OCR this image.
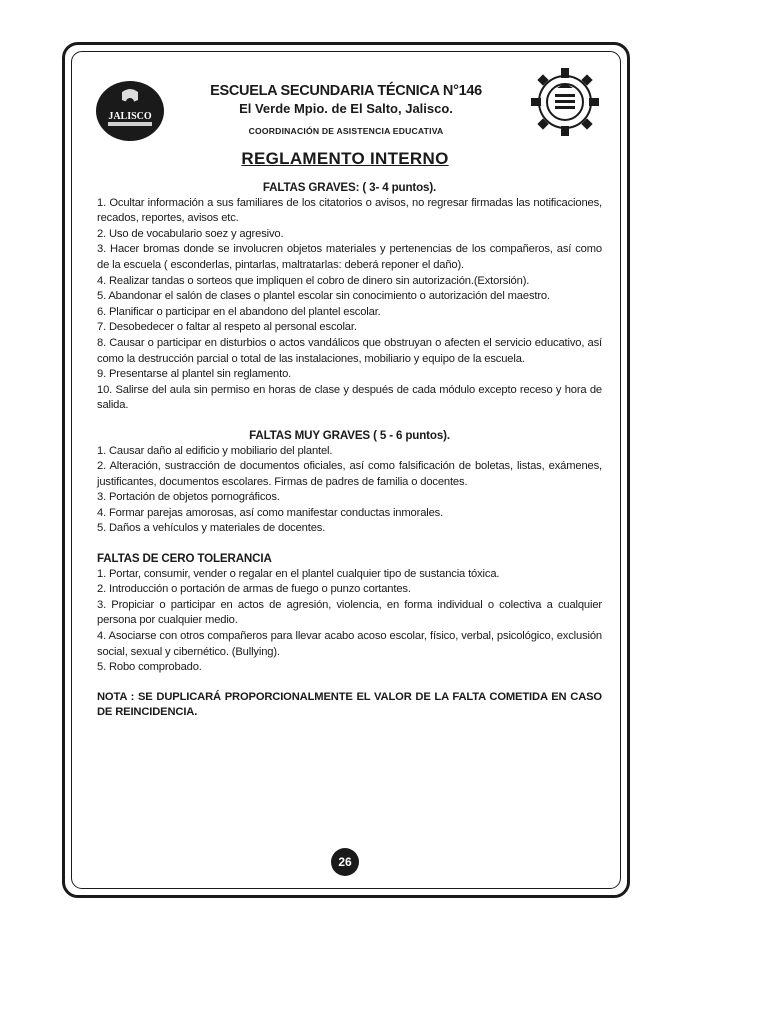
JALISCO
ESCUELA SECUNDARIA TÉCNICA N°146
El Verde Mpio. de El Salto, Jalisco.
COORDINACIÓN DE ASISTENCIA EDUCATIVA
REGLAMENTO INTERNO
FALTAS GRAVES: ( 3- 4 puntos).
1. Ocultar información a sus familiares de los citatorios o avisos, no regresar firmadas las notificaciones, recados, reportes, avisos etc.
2. Uso de vocabulario soez y agresivo.
3. Hacer bromas donde se involucren objetos materiales y pertenencias de los compañeros, así como de la escuela ( esconderlas, pintarlas, maltratarlas: deberá reponer el daño).
4. Realizar tandas o sorteos que impliquen el cobro de dinero sin autorización.(Extorsión).
5. Abandonar el salón de clases o plantel escolar sin conocimiento o autorización del maestro.
6. Planificar o participar en el abandono del plantel escolar.
7. Desobedecer o faltar al respeto al personal escolar.
8. Causar o participar en disturbios o actos vandálicos que obstruyan o afecten el servicio educativo, así como la destrucción parcial o total de las instalaciones, mobiliario y equipo de la escuela.
9. Presentarse al plantel sin reglamento.
10. Salirse del aula sin permiso en horas de clase y después de cada módulo excepto receso y hora de salida.
FALTAS MUY GRAVES ( 5 - 6 puntos).
1. Causar daño al edificio y mobiliario del plantel.
2. Alteración, sustracción de documentos oficiales, así como falsificación de boletas, listas, exámenes, justificantes, documentos escolares. Firmas de padres de familia o docentes.
3. Portación de objetos pornográficos.
4. Formar parejas amorosas, así como manifestar conductas inmorales.
5. Daños a vehículos y materiales de docentes.
FALTAS DE CERO TOLERANCIA
1. Portar, consumir, vender o regalar en el plantel cualquier tipo de sustancia tóxica.
2. Introducción o portación de armas de fuego o punzo cortantes.
3. Propiciar o participar en actos de agresión, violencia, en forma individual o colectiva a cualquier persona por cualquier medio.
4. Asociarse con otros compañeros para llevar acabo acoso escolar, físico, verbal, psicológico, exclusión social, sexual y cibernético. (Bullying).
5. Robo comprobado.
NOTA : SE DUPLICARÁ PROPORCIONALMENTE EL VALOR DE LA FALTA COMETIDA EN CASO DE REINCIDENCIA.
26
